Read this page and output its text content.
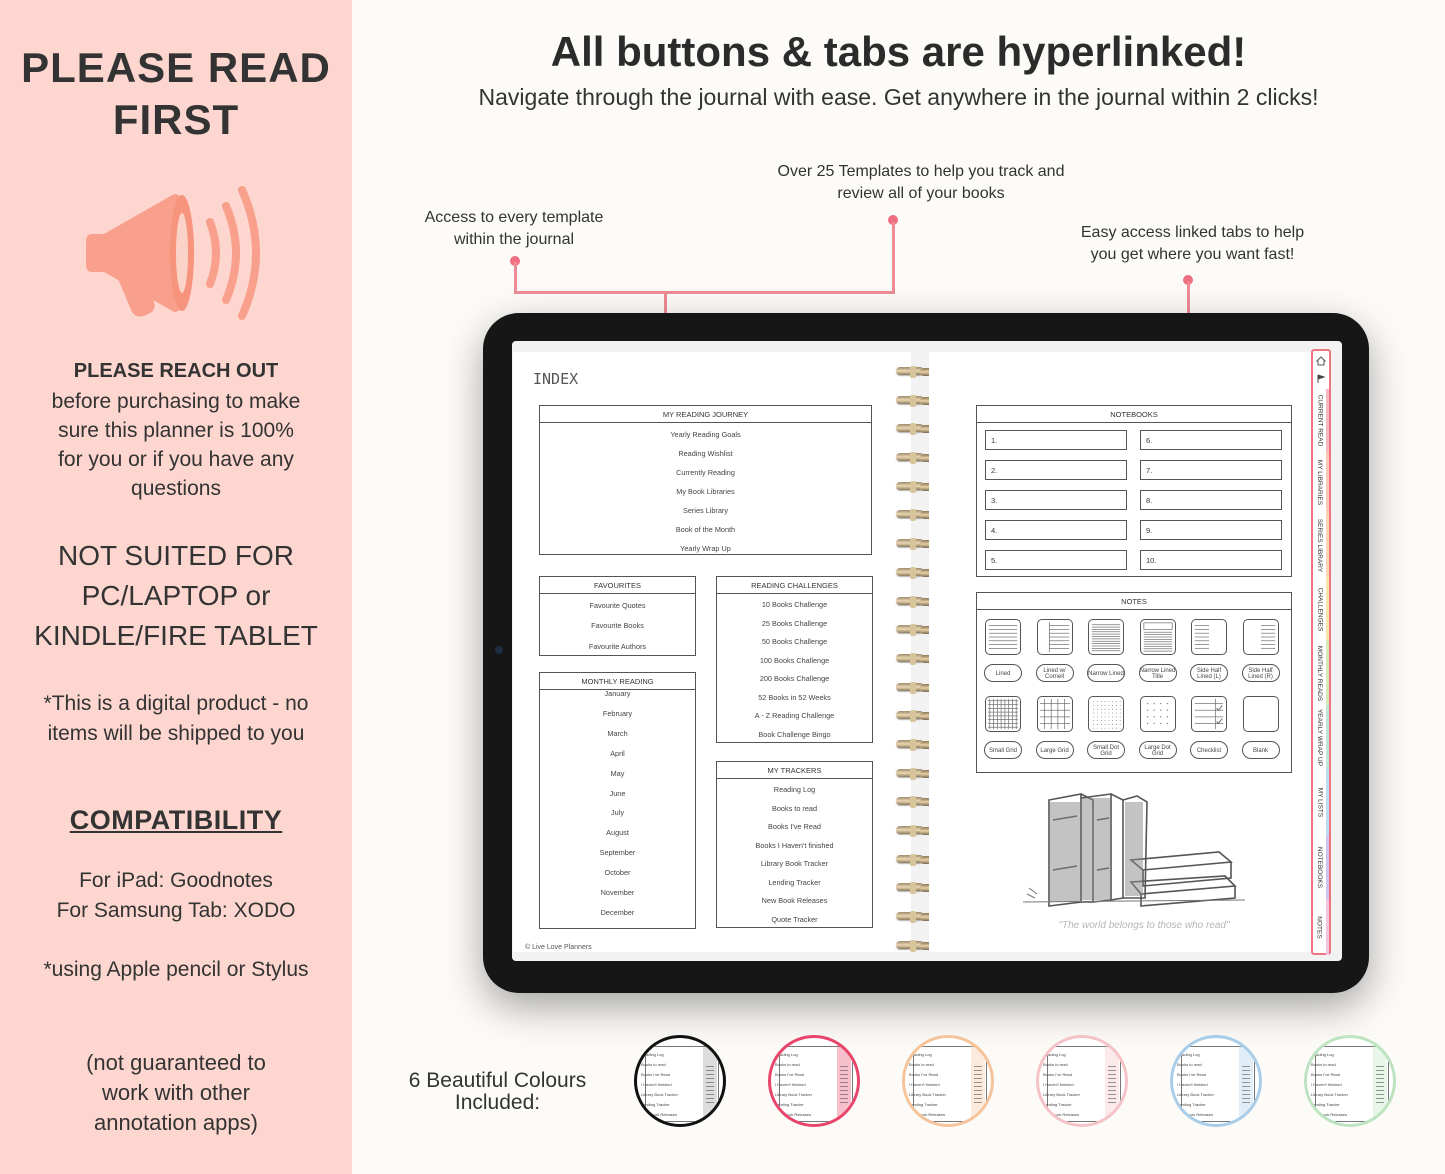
PLEASE READ
FIRST
PLEASE REACH OUT
before purchasing to make sure this planner is 100% for you or if you have any questions
NOT SUITED FOR PC/LAPTOP or KINDLE/FIRE TABLET
*This is a digital product - no items will be shipped to you
COMPATIBILITY
For iPad: Goodnotes
For Samsung Tab: XODO
*using Apple pencil or Stylus
(not guaranteed to work with other annotation apps)
All buttons & tabs are hyperlinked!
Navigate through the journal with ease. Get anywhere in the journal within 2 clicks!
Access to every template
within the journal
Over 25 Templates to help you track and
review all of your books
Easy access linked tabs to help
you get where you want fast!
INDEX
MY READING JOURNEY
Yearly Reading Goals
Reading Wishlist
Currently Reading
My Book Libraries
Series Library
Book of the Month
Yearly Wrap Up
FAVOURITES
Favourite Quotes
Favourite Books
Favourite Authors
MONTHLY READING
January
February
March
April
May
June
July
August
September
October
November
December
READING CHALLENGES
10 Books Challenge
25 Books Challenge
50 Books Challenge
100 Books Challenge
200 Books Challenge
52 Books in 52 Weeks
A - Z Reading Challenge
Book Challenge Bingo
MY TRACKERS
Reading Log
Books to read
Books I've Read
Books I Haven't finished
Library Book Tracker
Lending Tracker
New Book Releases
Quote Tracker
© Live Love Planners
NOTEBOOKS
1.
2.
3.
4.
5.
6.
7.
8.
9.
10.
NOTES
Lined
Lined w/ Cornell
Narrow Lined
Narrow Lined Title
Side Half Lined (L)
Side Half Lined (R)
Small Grid	Large Grid
Small Dot Grid
Large Dot Grid
Checklist	Blank
"The world belongs to those who read"
CURRENT READ
MY LIBRARIES
SERIES LIBRARY
CHALLENGES
MONTHLY READS
YEARLY WRAP UP
MY LISTS
NOTEBOOKS
NOTES
6 Beautiful Colours
Included:
Reading Log
Books to read
Books I've Read
I Haven't finished
Library Book Tracker
Lending Tracker
New Book Releases
Reading Log
Books to read
Books I've Read
I Haven't finished
Library Book Tracker
Lending Tracker
New Book Releases
Reading Log
Books to read
Books I've Read
I Haven't finished
Library Book Tracker
Lending Tracker
New Book Releases
Reading Log
Books to read
Books I've Read
I Haven't finished
Library Book Tracker
Lending Tracker
New Book Releases
Reading Log
Books to read
Books I've Read
I Haven't finished
Library Book Tracker
Lending Tracker
New Book Releases
Reading Log
Books to read
Books I've Read
I Haven't finished
Library Book Tracker
Lending Tracker
New Book Releases
